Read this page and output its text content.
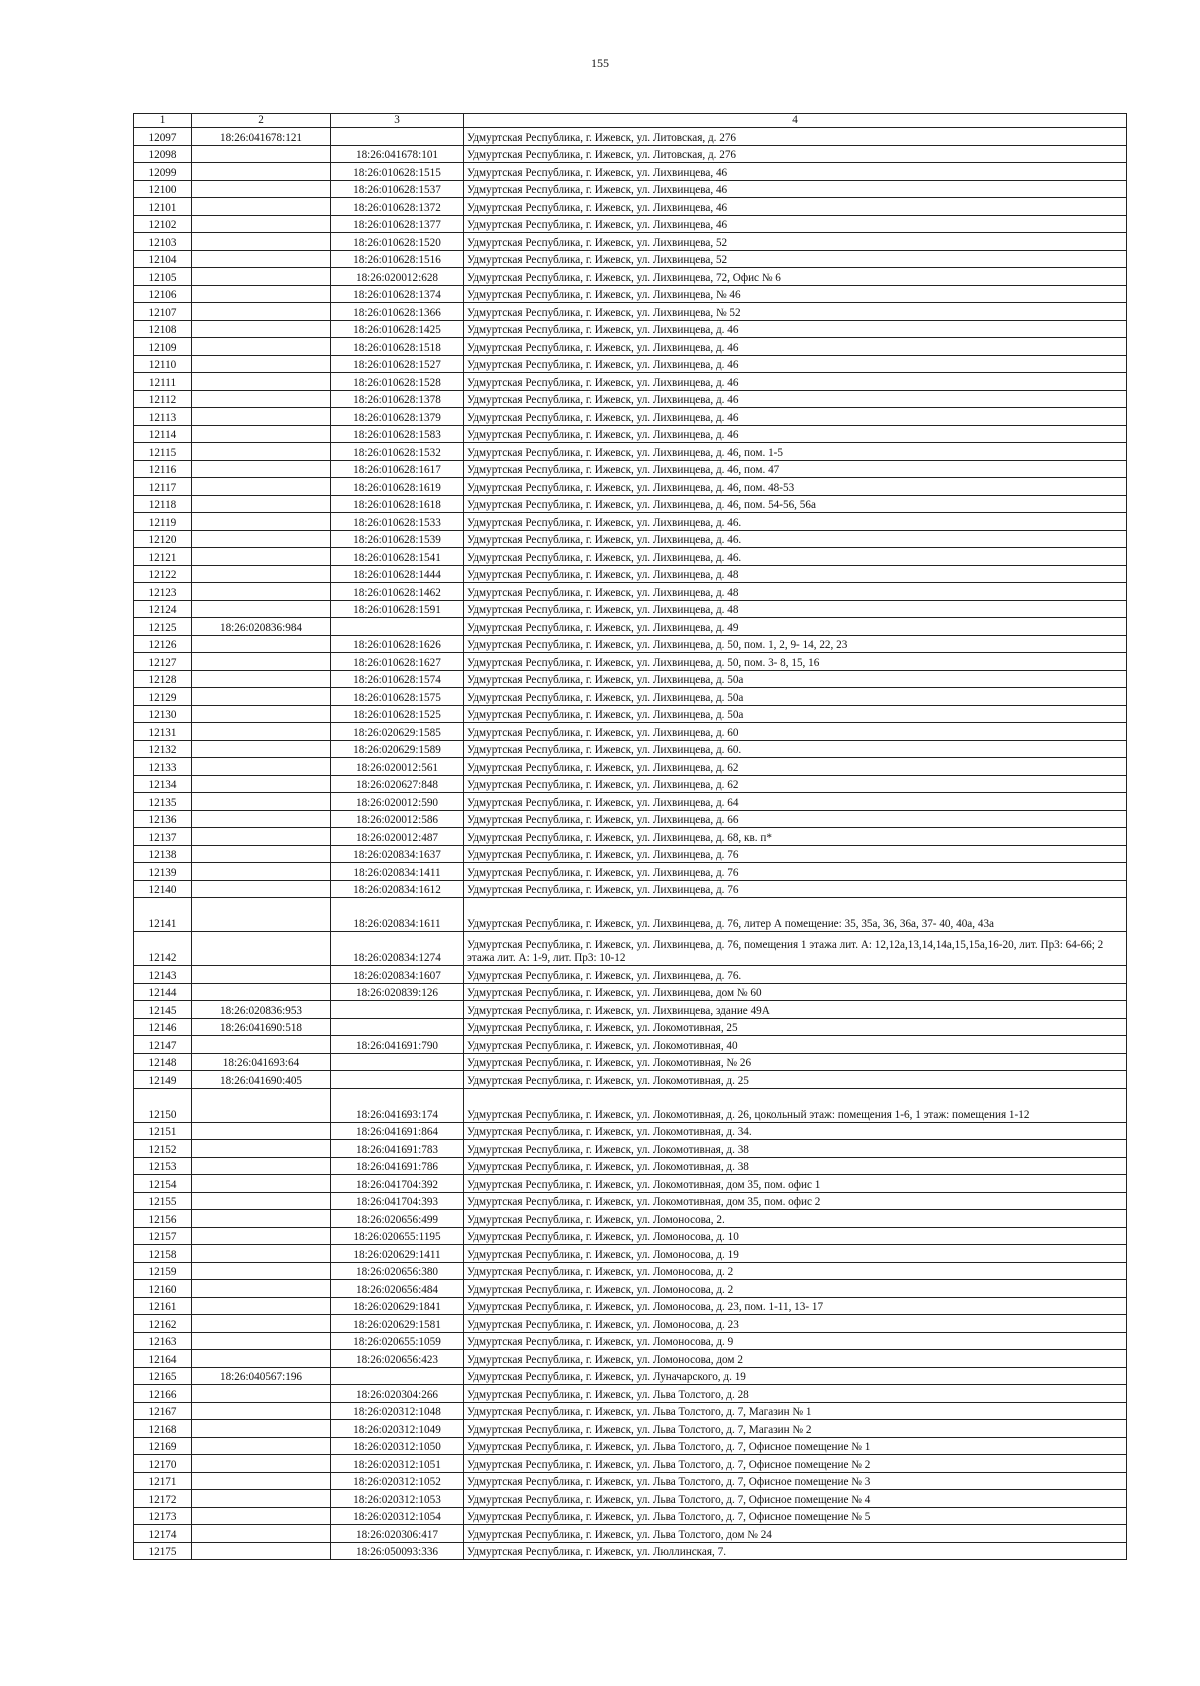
155
1	2	3	4
12097	18:26:041678:121		Удмуртская Республика, г. Ижевск, ул. Литовская, д. 276
12098		18:26:041678:101	Удмуртская Республика, г. Ижевск, ул. Литовская, д. 276
12099		18:26:010628:1515	Удмуртская Республика, г. Ижевск, ул. Лихвинцева, 46
12100		18:26:010628:1537	Удмуртская Республика, г. Ижевск, ул. Лихвинцева, 46
12101		18:26:010628:1372	Удмуртская Республика, г. Ижевск, ул. Лихвинцева, 46
12102		18:26:010628:1377	Удмуртская Республика, г. Ижевск, ул. Лихвинцева, 46
12103		18:26:010628:1520	Удмуртская Республика, г. Ижевск, ул. Лихвинцева, 52
12104		18:26:010628:1516	Удмуртская Республика, г. Ижевск, ул. Лихвинцева, 52
12105		18:26:020012:628	Удмуртская Республика, г. Ижевск, ул. Лихвинцева, 72, Офис № 6
12106		18:26:010628:1374	Удмуртская Республика, г. Ижевск, ул. Лихвинцева, № 46
12107		18:26:010628:1366	Удмуртская Республика, г. Ижевск, ул. Лихвинцева, № 52
12108		18:26:010628:1425	Удмуртская Республика, г. Ижевск, ул. Лихвинцева, д. 46
12109		18:26:010628:1518	Удмуртская Республика, г. Ижевск, ул. Лихвинцева, д. 46
12110		18:26:010628:1527	Удмуртская Республика, г. Ижевск, ул. Лихвинцева, д. 46
12111		18:26:010628:1528	Удмуртская Республика, г. Ижевск, ул. Лихвинцева, д. 46
12112		18:26:010628:1378	Удмуртская Республика, г. Ижевск, ул. Лихвинцева, д. 46
12113		18:26:010628:1379	Удмуртская Республика, г. Ижевск, ул. Лихвинцева, д. 46
12114		18:26:010628:1583	Удмуртская Республика, г. Ижевск, ул. Лихвинцева, д. 46
12115		18:26:010628:1532	Удмуртская Республика, г. Ижевск, ул. Лихвинцева, д. 46, пом. 1-5
12116		18:26:010628:1617	Удмуртская Республика, г. Ижевск, ул. Лихвинцева, д. 46, пом. 47
12117		18:26:010628:1619	Удмуртская Республика, г. Ижевск, ул. Лихвинцева, д. 46, пом. 48-53
12118		18:26:010628:1618	Удмуртская Республика, г. Ижевск, ул. Лихвинцева, д. 46, пом. 54-56, 56а
12119		18:26:010628:1533	Удмуртская Республика, г. Ижевск, ул. Лихвинцева, д. 46.
12120		18:26:010628:1539	Удмуртская Республика, г. Ижевск, ул. Лихвинцева, д. 46.
12121		18:26:010628:1541	Удмуртская Республика, г. Ижевск, ул. Лихвинцева, д. 46.
12122		18:26:010628:1444	Удмуртская Республика, г. Ижевск, ул. Лихвинцева, д. 48
12123		18:26:010628:1462	Удмуртская Республика, г. Ижевск, ул. Лихвинцева, д. 48
12124		18:26:010628:1591	Удмуртская Республика, г. Ижевск, ул. Лихвинцева, д. 48
12125	18:26:020836:984		Удмуртская Республика, г. Ижевск, ул. Лихвинцева, д. 49
12126		18:26:010628:1626	Удмуртская Республика, г. Ижевск, ул. Лихвинцева, д. 50, пом. 1, 2, 9- 14, 22, 23
12127		18:26:010628:1627	Удмуртская Республика, г. Ижевск, ул. Лихвинцева, д. 50, пом. 3- 8, 15, 16
12128		18:26:010628:1574	Удмуртская Республика, г. Ижевск, ул. Лихвинцева, д. 50а
12129		18:26:010628:1575	Удмуртская Республика, г. Ижевск, ул. Лихвинцева, д. 50а
12130		18:26:010628:1525	Удмуртская Республика, г. Ижевск, ул. Лихвинцева, д. 50а
12131		18:26:020629:1585	Удмуртская Республика, г. Ижевск, ул. Лихвинцева, д. 60
12132		18:26:020629:1589	Удмуртская Республика, г. Ижевск, ул. Лихвинцева, д. 60.
12133		18:26:020012:561	Удмуртская Республика, г. Ижевск, ул. Лихвинцева, д. 62
12134		18:26:020627:848	Удмуртская Республика, г. Ижевск, ул. Лихвинцева, д. 62
12135		18:26:020012:590	Удмуртская Республика, г. Ижевск, ул. Лихвинцева, д. 64
12136		18:26:020012:586	Удмуртская Республика, г. Ижевск, ул. Лихвинцева, д. 66
12137		18:26:020012:487	Удмуртская Республика, г. Ижевск, ул. Лихвинцева, д. 68, кв. п*
12138		18:26:020834:1637	Удмуртская Республика, г. Ижевск, ул. Лихвинцева, д. 76
12139		18:26:020834:1411	Удмуртская Республика, г. Ижевск, ул. Лихвинцева, д. 76
12140		18:26:020834:1612	Удмуртская Республика, г. Ижевск, ул. Лихвинцева, д. 76
12141		18:26:020834:1611	Удмуртская Республика, г. Ижевск, ул. Лихвинцева, д. 76, литер А помещение: 35, 35а, 36, 36а, 37- 40, 40а, 43а
12142		18:26:020834:1274	Удмуртская Республика, г. Ижевск, ул. Лихвинцева, д. 76, помещения 1 этажа лит. А: 12,12а,13,14,14а,15,15а,16-20, лит. Пр3: 64-66; 2 этажа лит. А: 1-9, лит. Пр3: 10-12
12143		18:26:020834:1607	Удмуртская Республика, г. Ижевск, ул. Лихвинцева, д. 76.
12144		18:26:020839:126	Удмуртская Республика, г. Ижевск, ул. Лихвинцева, дом № 60
12145	18:26:020836:953		Удмуртская Республика, г. Ижевск, ул. Лихвинцева, здание 49А
12146	18:26:041690:518		Удмуртская Республика, г. Ижевск, ул. Локомотивная, 25
12147		18:26:041691:790	Удмуртская Республика, г. Ижевск, ул. Локомотивная, 40
12148	18:26:041693:64		Удмуртская Республика, г. Ижевск, ул. Локомотивная, № 26
12149	18:26:041690:405		Удмуртская Республика, г. Ижевск, ул. Локомотивная, д. 25
12150		18:26:041693:174	Удмуртская Республика, г. Ижевск, ул. Локомотивная, д. 26, цокольный этаж: помещения 1-6, 1 этаж: помещения 1-12
12151		18:26:041691:864	Удмуртская Республика, г. Ижевск, ул. Локомотивная, д. 34.
12152		18:26:041691:783	Удмуртская Республика, г. Ижевск, ул. Локомотивная, д. 38
12153		18:26:041691:786	Удмуртская Республика, г. Ижевск, ул. Локомотивная, д. 38
12154		18:26:041704:392	Удмуртская Республика, г. Ижевск, ул. Локомотивная, дом 35, пом. офис 1
12155		18:26:041704:393	Удмуртская Республика, г. Ижевск, ул. Локомотивная, дом 35, пом. офис 2
12156		18:26:020656:499	Удмуртская Республика, г. Ижевск, ул. Ломоносова, 2.
12157		18:26:020655:1195	Удмуртская Республика, г. Ижевск, ул. Ломоносова, д. 10
12158		18:26:020629:1411	Удмуртская Республика, г. Ижевск, ул. Ломоносова, д. 19
12159		18:26:020656:380	Удмуртская Республика, г. Ижевск, ул. Ломоносова, д. 2
12160		18:26:020656:484	Удмуртская Республика, г. Ижевск, ул. Ломоносова, д. 2
12161		18:26:020629:1841	Удмуртская Республика, г. Ижевск, ул. Ломоносова, д. 23, пом. 1-11, 13- 17
12162		18:26:020629:1581	Удмуртская Республика, г. Ижевск, ул. Ломоносова, д. 23
12163		18:26:020655:1059	Удмуртская Республика, г. Ижевск, ул. Ломоносова, д. 9
12164		18:26:020656:423	Удмуртская Республика, г. Ижевск, ул. Ломоносова, дом 2
12165	18:26:040567:196		Удмуртская Республика, г. Ижевск, ул. Луначарского, д. 19
12166		18:26:020304:266	Удмуртская Республика, г. Ижевск, ул. Льва Толстого, д. 28
12167		18:26:020312:1048	Удмуртская Республика, г. Ижевск, ул. Льва Толстого, д. 7, Магазин № 1
12168		18:26:020312:1049	Удмуртская Республика, г. Ижевск, ул. Льва Толстого, д. 7, Магазин № 2
12169		18:26:020312:1050	Удмуртская Республика, г. Ижевск, ул. Льва Толстого, д. 7, Офисное помещение № 1
12170		18:26:020312:1051	Удмуртская Республика, г. Ижевск, ул. Льва Толстого, д. 7, Офисное помещение № 2
12171		18:26:020312:1052	Удмуртская Республика, г. Ижевск, ул. Льва Толстого, д. 7, Офисное помещение № 3
12172		18:26:020312:1053	Удмуртская Республика, г. Ижевск, ул. Льва Толстого, д. 7, Офисное помещение № 4
12173		18:26:020312:1054	Удмуртская Республика, г. Ижевск, ул. Льва Толстого, д. 7, Офисное помещение № 5
12174		18:26:020306:417	Удмуртская Республика, г. Ижевск, ул. Льва Толстого, дом № 24
12175		18:26:050093:336	Удмуртская Республика, г. Ижевск, ул. Люллинская, 7.
